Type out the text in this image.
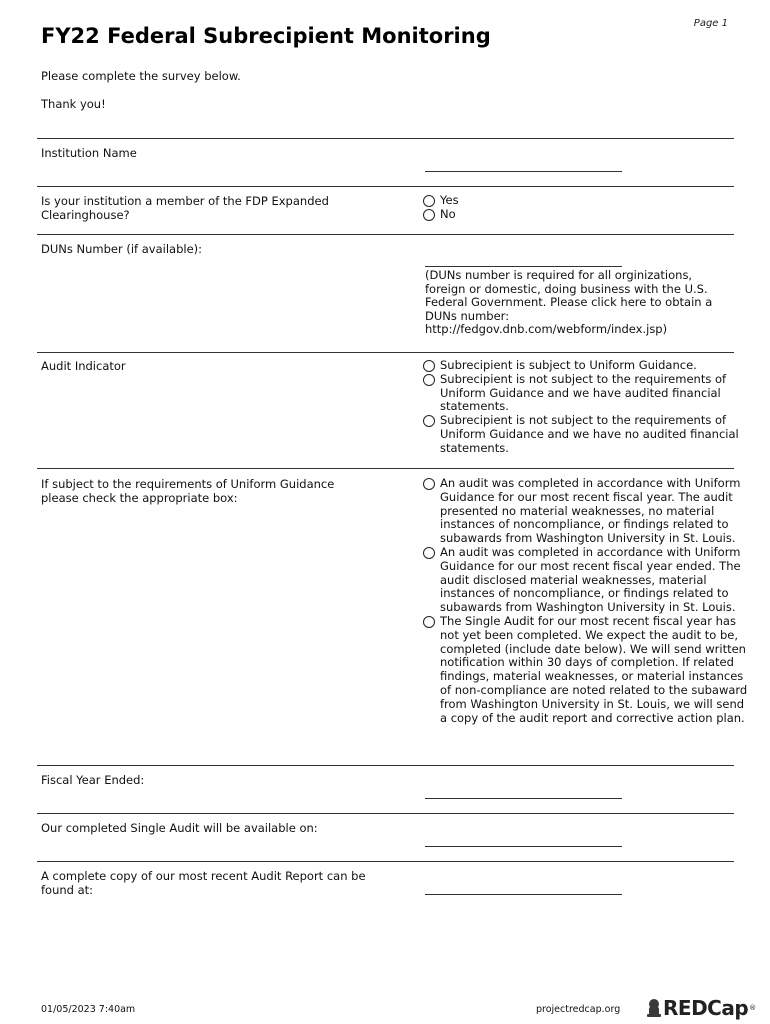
Page 1
FY22 Federal Subrecipient Monitoring
Please complete the survey below.
Thank you!
Institution Name
Is your institution a member of the FDP Expanded Clearinghouse?
Yes
No
DUNs Number (if available):
(DUNs number is required for all orginizations, foreign or domestic, doing business with the U.S. Federal Government. Please click here to obtain a DUNs number: http://fedgov.dnb.com/webform/index.jsp)
Audit Indicator	Subrecipient is subject to Uniform Guidance.
Subrecipient is not subject to the requirements of Uniform Guidance and we have audited financial statements.
Subrecipient is not subject to the requirements of Uniform Guidance and we have no audited financial statements.
If subject to the requirements of Uniform Guidance please check the appropriate box:
An audit was completed in accordance with Uniform Guidance for our most recent fiscal year. The audit presented no material weaknesses, no material instances of noncompliance, or findings related to subawards from Washington University in St. Louis.
An audit was completed in accordance with Uniform Guidance for our most recent fiscal year ended. The audit disclosed material weaknesses, material instances of noncompliance, or findings related to subawards from Washington University in St. Louis.
The Single Audit for our most recent fiscal year has not yet been completed. We expect the audit to be, completed (include date below). We will send written notification within 30 days of completion. If related findings, material weaknesses, or material instances of non-compliance are noted related to the subaward from Washington University in St. Louis, we will send a copy of the audit report and corrective action plan.
Fiscal Year Ended:
Our completed Single Audit will be available on:
A complete copy of our most recent Audit Report can be found at:
01/05/2023 7:40am	projectredcap.org REDCap ®
